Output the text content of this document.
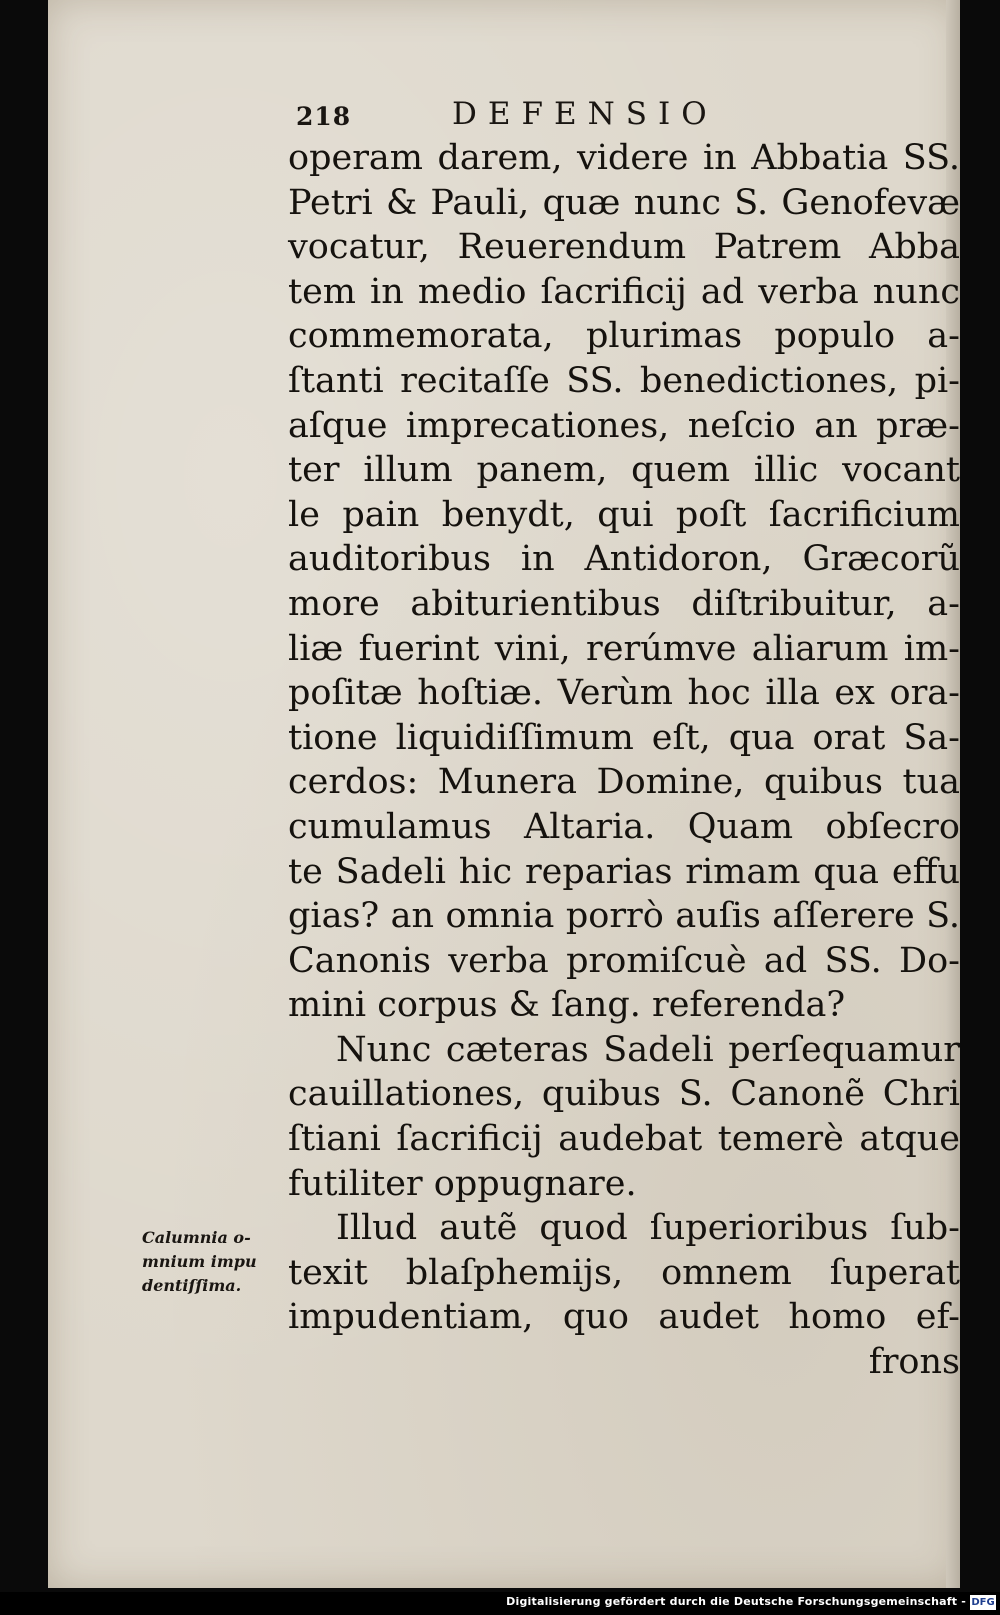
218	DEFENSIO
operam darem, videre in Abbatia SS.
Petri & Pauli, quæ nunc S. Genofevæ
vocatur, Reuerendum Patrem Abba
tem in medio ſacrificij ad verba nunc
commemorata, plurimas populo a-
ſtanti recitaſſe SS. benedictiones, pi-
aſque imprecationes, neſcio an præ-
ter illum panem, quem illic vocant
le pain benydt, qui poſt ſacrificium
auditoribus in Antidoron, Græcorũ
more abiturientibus diſtribuitur, a-
liæ fuerint vini, rerúmve aliarum im-
poſitæ hoſtiæ. Verùm hoc illa ex ora-
tione liquidiſſimum eſt, qua orat Sa-
cerdos: Munera Domine, quibus tua
cumulamus Altaria. Quam obſecro
te Sadeli hic reparias rimam qua effu
gias? an omnia porrò auſis aſſerere S.
Canonis verba promiſcuè ad SS. Do-
mini corpus & ſang. referenda?
Nunc cæteras Sadeli perſequamur
cauillationes, quibus S. Canonẽ Chri
ſtiani ſacrificij audebat temerè atque
futiliter oppugnare.
Illud autẽ quod ſuperioribus ſub-
texit blaſphemijs, omnem ſuperat
impudentiam, quo audet homo ef-
frons
Calumnia o-
mnium impu
dentiſſima.
Digitalisierung gefördert durch die Deutsche Forschungsgemeinschaft - DFG
